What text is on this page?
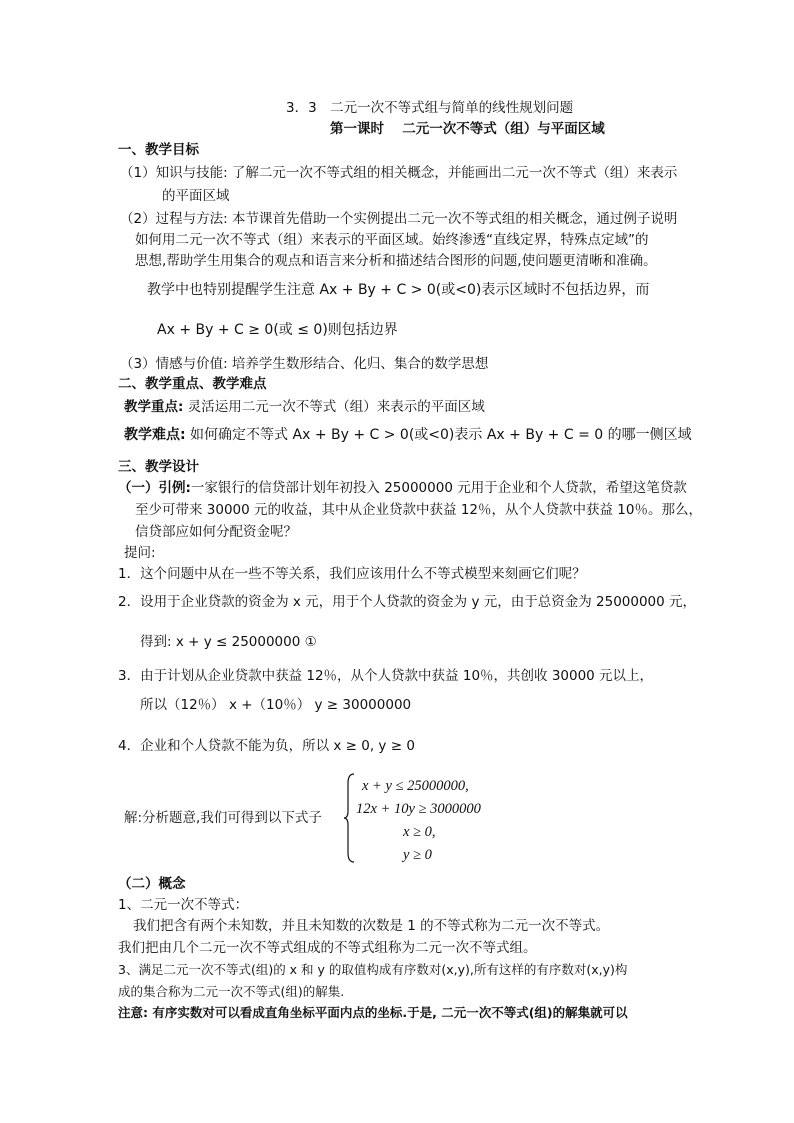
3．3　二元一次不等式组与简单的线性规划问题
第一课时　 二元一次不等式（组）与平面区域
一、教学目标
（1）知识与技能: 了解二元一次不等式组的相关概念，并能画出二元一次不等式（组）来表示
的平面区域
（2）过程与方法: 本节课首先借助一个实例提出二元一次不等式组的相关概念，通过例子说明
如何用二元一次不等式（组）来表示的平面区域。始终渗透“直线定界，特殊点定域”的
思想,帮助学生用集合的观点和语言来分析和描述结合图形的问题,使问题更清晰和准确。
教学中也特别提醒学生注意 Ax + By + C > 0(或<0)表示区域时不包括边界，而
Ax + By + C ≥ 0(或 ≤ 0)则包括边界
（3）情感与价值: 培养学生数形结合、化归、集合的数学思想
二、教学重点、教学难点
教学重点: 灵活运用二元一次不等式（组）来表示的平面区域
教学难点: 如何确定不等式 Ax + By + C > 0(或<0)表示 Ax + By + C = 0 的哪一侧区域
三、教学设计
（一）引例:一家银行的信贷部计划年初投入 25000000 元用于企业和个人贷款，希望这笔贷款
至少可带来 30000 元的收益，其中从企业贷款中获益 12％，从个人贷款中获益 10％。那么，
信贷部应如何分配资金呢？
提问:
1．这个问题中从在一些不等关系，我们应该用什么不等式模型来刻画它们呢？
2．设用于企业贷款的资金为 x 元，用于个人贷款的资金为 y 元，由于总资金为 25000000 元，
得到: x + y ≤ 25000000 ①
3．由于计划从企业贷款中获益 12％，从个人贷款中获益 10％，共创收 30000 元以上，
所以（12％） x +（10％） y ≥ 30000000
4．企业和个人贷款不能为负，所以 x ≥ 0, y ≥ 0
解:分析题意,我们可得到以下式子
x + y ≤ 25000000,
12x + 10y ≥ 3000000
x ≥ 0,
y ≥ 0
（二）概念
1、二元一次不等式：
我们把含有两个未知数，并且未知数的次数是 1 的不等式称为二元一次不等式。
我们把由几个二元一次不等式组成的不等式组称为二元一次不等式组。
3、满足二元一次不等式(组)的 x 和 y 的取值构成有序数对(x,y),所有这样的有序数对(x,y)构
成的集合称为二元一次不等式(组)的解集.
注意: 有序实数对可以看成直角坐标平面内点的坐标.于是, 二元一次不等式(组)的解集就可以
